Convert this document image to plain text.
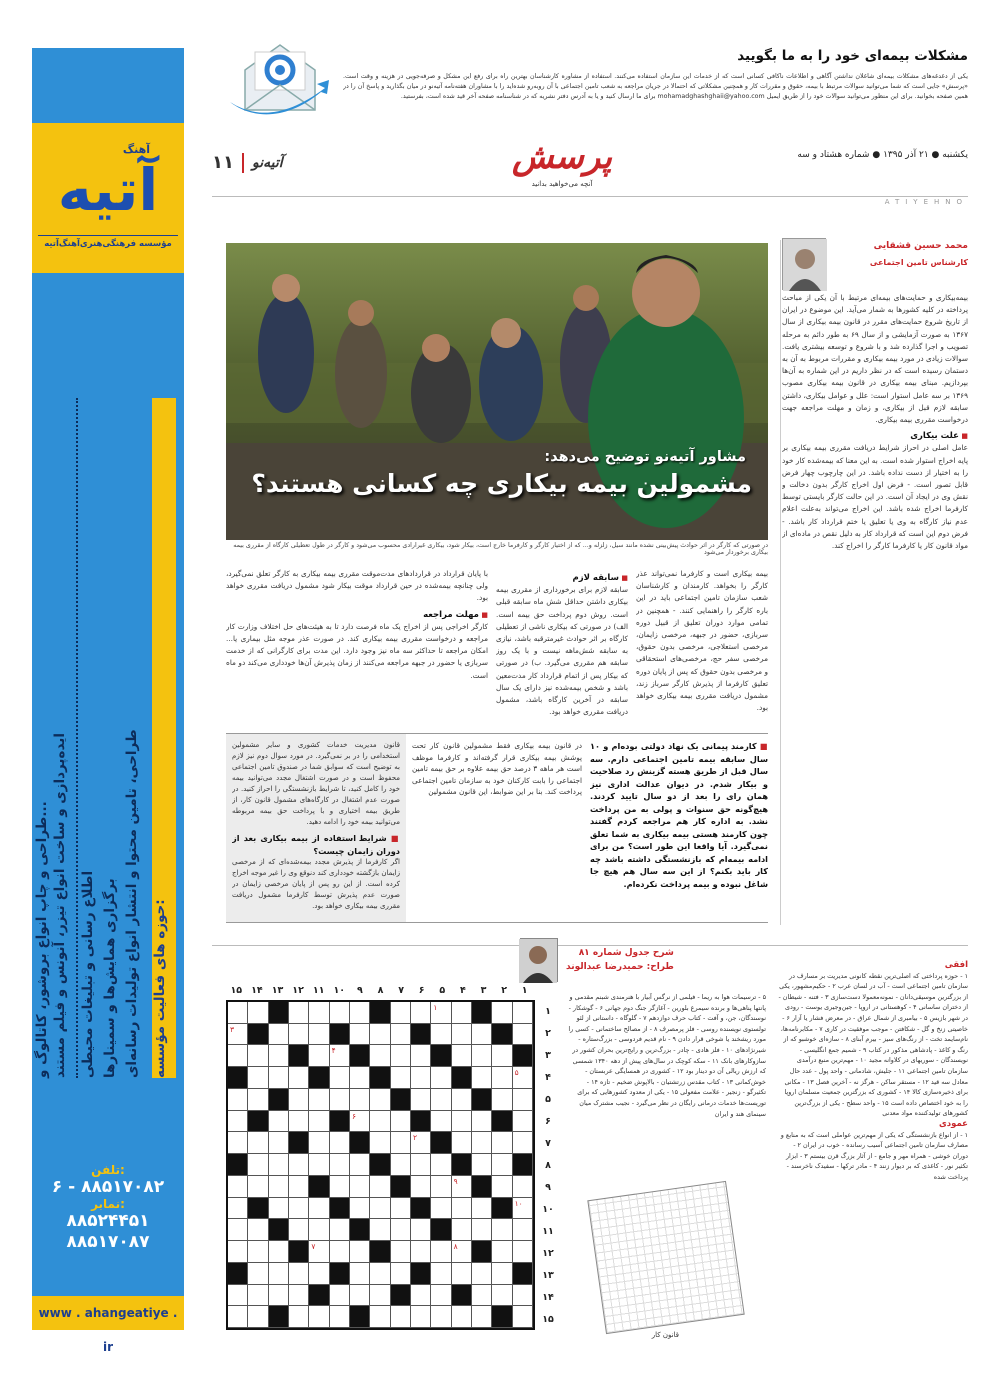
آهنگ
آتیه
مؤسسه فرهنگی‌هنری‌آهنگ‌آتیه
حوزه های فعالیت مؤسسه:
طراحی، تامین محتوا و انتشار انواع تولیدات رسانه‌ای
برگزاری همایش‌ها و سمینارها
اطلاع رسانی و تبلیغات محیطی
ایده‌پردازی و ساخت انواع تیزر، آنونس و فیلم مستند
طراحی و چاپ انواع بروشور، کاتالوگ و...
تلفن:
۶ - ۸۸۵۱۷۰۸۲
نمابر:
۸۸۵۲۴۴۵۱
۸۸۵۱۷۰۸۷
www . ahangeatiye . ir
مشکلات بیمه‌ای خود را به ما بگویید
یکی از دغدغه‌های مشکلات بیمه‌ای شاغلان نداشتن آگاهی و اطلاعات ناکافی کسانی است که از خدمات این سازمان استفاده می‌کنند. استفاده از مشاوره کارشناسان بهترین راه برای رفع این مشکل و صرفه‌جویی در هزینه و وقت است. «پرسش» جایی است که شما می‌توانید سوالات مرتبط با بیمه، حقوق و مقررات کار و همچنین مشکلاتی که احتمالا در جریان مراجعه به شعب تامین اجتماعی با آن روبه‌رو شده‌اید را با مشاوران هفته‌نامه آتیه‌نو در میان بگذارید و پاسخ آن را در همین صفحه بخوانید. برای این منظور می‌توانید سوالات خود را از طریق ایمیل mohamadghashghaii@yahoo.com برای ما ارسال کنید و یا به آدرس دفتر نشریه که در شناسنامه صفحه آخر قید شده است، بفرستید.
یکشنبه ● ۲۱ آذر ۱۳۹۵ ● شماره هشتاد و سه
پرسش
آنچه می‌خواهید بدانید
آتیه‌نو
۱۱
ATIYEHNO
مشاور آتیه‌نو توضیح می‌دهد:
مشمولین بیمه بیکاری چه کسانی هستند؟
در صورتی که کارگر در اثر حوادث پیش‌بینی نشده مانند سیل، زلزله و... که از اختیار کارگر و کارفرما خارج است، بیکار شود، بیکاری غیرارادی محسوب می‌شود و کارگر در طول تعطیلی کارگاه از مقرری بیمه بیکاری برخوردار می‌شود
محمد حسین قشقایی
کارشناس تامین اجتماعی

بیمه‌بیکاری و حمایت‌های بیمه‌ای مرتبط با آن یکی از مباحث پرداخته در کلیه کشورها به شمار می‌آید. این موضوع در ایران از تاریخ شروع حمایت‌های مقرر در قانون بیمه بیکاری از سال ۱۳۶۷ به صورت آزمایشی و از سال ۶۹ به طور دائم به مرحله تصویب و اجرا گذارده شد و با شروع و توسعه بیشتری یافت. سوالات زیادی در مورد بیمه بیکاری و مقررات مربوط به آن به دستمان رسیده است که در نظر داریم در این شماره به آن‌ها بپردازیم. مبنای بیمه بیکاری در قانون بیمه بیکاری مصوب ۱۳۶۹ بر سه عامل استوار است: علل و عوامل بیکاری، داشتن سابقه لازم قبل از بیکاری، و زمان و مهلت مراجعه جهت درخواست مقرری بیمه بیکاری.

■ علت بیکاری

عامل اصلی در احراز شرایط دریافت مقرری بیمه بیکاری بر پایه اخراج استوار شده است. به این معنا که بیمه‌شده کار خود را به اختیار از دست نداده باشد. در این چارچوب چهار فرض قابل تصور است. - فرض اول اخراج کارگر بدون دخالت و نقش وی در ایجاد آن است. در این حالت کارگر بایستی توسط کارفرما اخراج شده باشد. این اخراج می‌تواند به‌علت اعلام عدم نیاز کارگاه به وی یا تعلیق یا ختم قرارداد کار باشد. - فرض دوم این است که قرارداد کار به دلیل نقص در ماده‌ای از مواد قانون کار یا کارفرما کارگر را اخراج کند.

بیمه بیکاری است و کارفرما نمی‌تواند عذر کارگر را بخواهد. کارمندان و کارشناسان شعب سازمان تامین اجتماعی باید در این باره کارگر را راهنمایی کنند. - همچنین در تمامی موارد دوران تعلیق از قبیل دوره سربازی، حضور در جبهه، مرخصی زایمان، مرخصی استعلاجی، مرخصی بدون حقوق، مرخصی سفر حج، مرخصی‌های استحقاقی و مرخصی بدون حقوق که پس از پایان دوره تعلیق کارفرما از پذیرش کارگر سرباز زند، مشمول دریافت مقرری بیمه بیکاری خواهد بود.

■ سابقه لازم

سابقه لازم برای برخورداری از مقرری بیمه بیکاری داشتن حداقل شش ماه سابقه قبلی است. روش دوم پرداخت حق بیمه است. الف) در صورتی که بیکاری ناشی از تعطیلی کارگاه بر اثر حوادث غیرمترقبه باشد، نیازی به سابقه شش‌ماهه نیست و با یک روز سابقه هم مقرری می‌گیرد. ب) در صورتی که بیکار پس از اتمام قرارداد کار مدت‌معین باشد و شخص بیمه‌شده نیز دارای یک سال سابقه در آخرین کارگاه باشد، مشمول دریافت مقرری خواهد بود.

با پایان قرارداد در قراردادهای مدت‌موقت مقرری بیمه بیکاری به کارگر تعلق نمی‌گیرد، ولی چنانچه بیمه‌شده در حین قرارداد موقت بیکار شود مشمول دریافت مقرری خواهد بود.

■ مهلت مراجعه

کارگر اخراجی پس از اخراج یک ماه فرصت دارد تا به هیئت‌های حل اختلاف وزارت کار مراجعه و درخواست مقرری بیمه بیکاری کند. در صورت عذر موجه مثل بیماری یا... امکان مراجعه تا حداکثر سه ماه نیز وجود دارد. این مدت برای کارگرانی که از خدمت سربازی یا حضور در جبهه مراجعه می‌کنند از زمان پذیرش آن‌ها خودداری می‌کند دو ماه است.

■ کارمند پیمانی یک نهاد دولتی بوده‌ام و ۱۰ سال سابقه بیمه تامین اجتماعی دارم. سه سال قبل از طریق هسته گزینش رد صلاحیت و بیکار شدم. در دیوان عدالت اداری نیز همان رای را بعد از دو سال تایید کردند. هیچ‌گونه حق سنوات و پولی به من پرداخت نشد. به اداره کار هم مراجعه کردم گفتند چون کارمند هستی بیمه بیکاری به شما تعلق نمی‌گیرد. آیا واقعا این طور است؟ من برای ادامه بیمه‌ام که بازنشستگی داشته باشد چه کار باید بکنم؟ از این سه سال هم هیچ جا شاغل نبوده و بیمه پرداخت نکرده‌ام.
در قانون بیمه بیکاری فقط مشمولین قانون کار تحت پوشش بیمه بیکاری قرار گرفته‌اند و کارفرما موظف است هر ماهه ۳ درصد حق بیمه علاوه بر حق بیمه تامین اجتماعی را بابت کارکنان خود به سازمان تامین اجتماعی پرداخت کند. بنا بر این ضوابط، این قانون مشمولین
قانون مدیریت خدمات کشوری و سایر مشمولین استخدامی را در بر نمی‌گیرد. در مورد سوال دوم نیز لازم به توضیح است که سوابق شما در صندوق تامین اجتماعی محفوظ است و در صورت اشتغال مجدد می‌توانید بیمه خود را کامل کنید، تا شرایط بازنشستگی را احراز کنید. در صورت عدم اشتغال در کارگاه‌های مشمول قانون کار، از طریق بیمه اختیاری و با پرداخت حق بیمه مربوطه می‌توانید بیمه خود را ادامه دهید.
■ شرایط استفاده از بیمه بیکاری بعد از دوران زایمان چیست؟
اگر کارفرما از پذیرش مجدد بیمه‌شده‌ای که از مرخصی زایمان بازگشته خودداری کند دنوقع وی را غیر موجه اخراج کرده است. از این رو پس از پایان مرخصی زایمان در صورت عدم پذیرش توسط کارفرما مشمول دریافت مقرری بیمه بیکاری خواهد بود.
شرح جدول شماره ۸۱
طراح: حمیدرضا عبدالوند
۱
۲
۳
۴
۵
۶
۷
۸
۹
۱۰
۱۱
۱۲
۱۳
۱۴
۱۵
۱
۲
۳
۴
۵
۶
۷
۸
۹
۱۰
۱۱
۱۲
۱۳
۱۴
۱۵
۱
۳
۴
۵
۶
۲
۹
۱۰
۷	۸
افقی
۱ - حوزه پرداختی که اصلی‌ترین نقطه کانونی مدیریت بر مسارف در سازمان تامین اجتماعی است - آب در لسان عرب ۲ - حکیم‌مشهور، یکی از بزرگترین موسیقی‌دانان - نمونه‌معمولا دست‌سازی ۳ - فتنه - شیطان - از دختران ساسانی ۴ - کوهستانی در اروپا - جین‌وجیری یوست - رودی در شهر بازیس ۵ - بیامبری از شمال عراق - در معرض فشار یا آزار ۶ - خاصیتی زنخ و گل - شکافتن - موجب موفقیت در کاری ۷ - مکابرنامه‌ها، نام‌سایمد تخت - از رنگ‌های سیز - بیرم آبنای ۸ - سازه‌ای خوشبو که از رنگ و کاغذ - پادشاهی مذکور در کتاب ۹ - شمیم جمع انگلیسی - نویسندگان - سوریهای در کلاوانه مجید ۱۰ - مهم‌ترین منبع درآمدی سازمان تامین اجتماعی ۱۱ - جلیش، شادمانی - واحد پول - عدد حال معادل سه قید ۱۲ - مستقر ساکن - هرگز نه - آخرین فصل ۱۳ - مکانی برای ذخیره‌سازی کالا ۱۴ - کشوری که بزرگترین جمعیت مسلمان اروپا را به خود اختصاص داده است ۱۵ - واحد سطح - یکی از بزرگ‌ترین کشورهای تولیدکننده مواد معدنی
عمودی
۱ - از انواع بازنشستگی که یکی از مهم‌ترین عواملی است که به منابع و مصارف سازمان تامین اجتماعی آسیب رسانده - خوب در ایران ۲ - دوران خوشی - همراه مهر و جامع - از آثار بزرگ قرن بیستم ۳ - ابزار تکثیر نور - کاغذی که بر دیوار زنند ۴ - مادر ترکها - سفیدک ناخرسند - پرداخت شده
۵ - ترسیمات هوا به ریما - فیلمی از نرگس آبیار با هنرمندی شبنم مقدمی و پانتها پناهی‌ها و برنده سیمرغ بلورین - آغازگر جنگ دوم جهانی ۶ - گوشکار - نوسندگان، جن، و آفت - کتاب حرف دوازدهم ۷ - گلوگاه - داستانی از لئو تولستوی نویسنده روسی - فلز پرمصرف ۸ - از مصالح ساختمانی - کسی را مورد ریشخند یا شوخی قرار دادن ۹ - نام قدیم فردوسی - بزرگ‌ستاره - شیرنژادهای ۱۰ - فلز هادی - چادر - بزرگ‌ترین و رایج‌ترین بحران کشور در سازوکارهای بانک ۱۱ - سکه کوچک در سال‌های پیش از دهه ۱۳۴۰ شمسی که ارزش ریالی آن دو دینار بود ۱۲ - کشوری در همسایگی عربستان - خوش‌کمانی ۱۳ - کتاب مقدس زرتشتیان - بالاپوش ضخیم - تازه ۱۴ - تکثیرگو - زنجیر - علامت مفعولی ۱۵ - یکی از معدود کشورهایی که برای توریست‌ها خدمات درمانی رایگان در نظر می‌گیرد - نجیب مشترک میان سینمای هند و ایران
قانون کار
